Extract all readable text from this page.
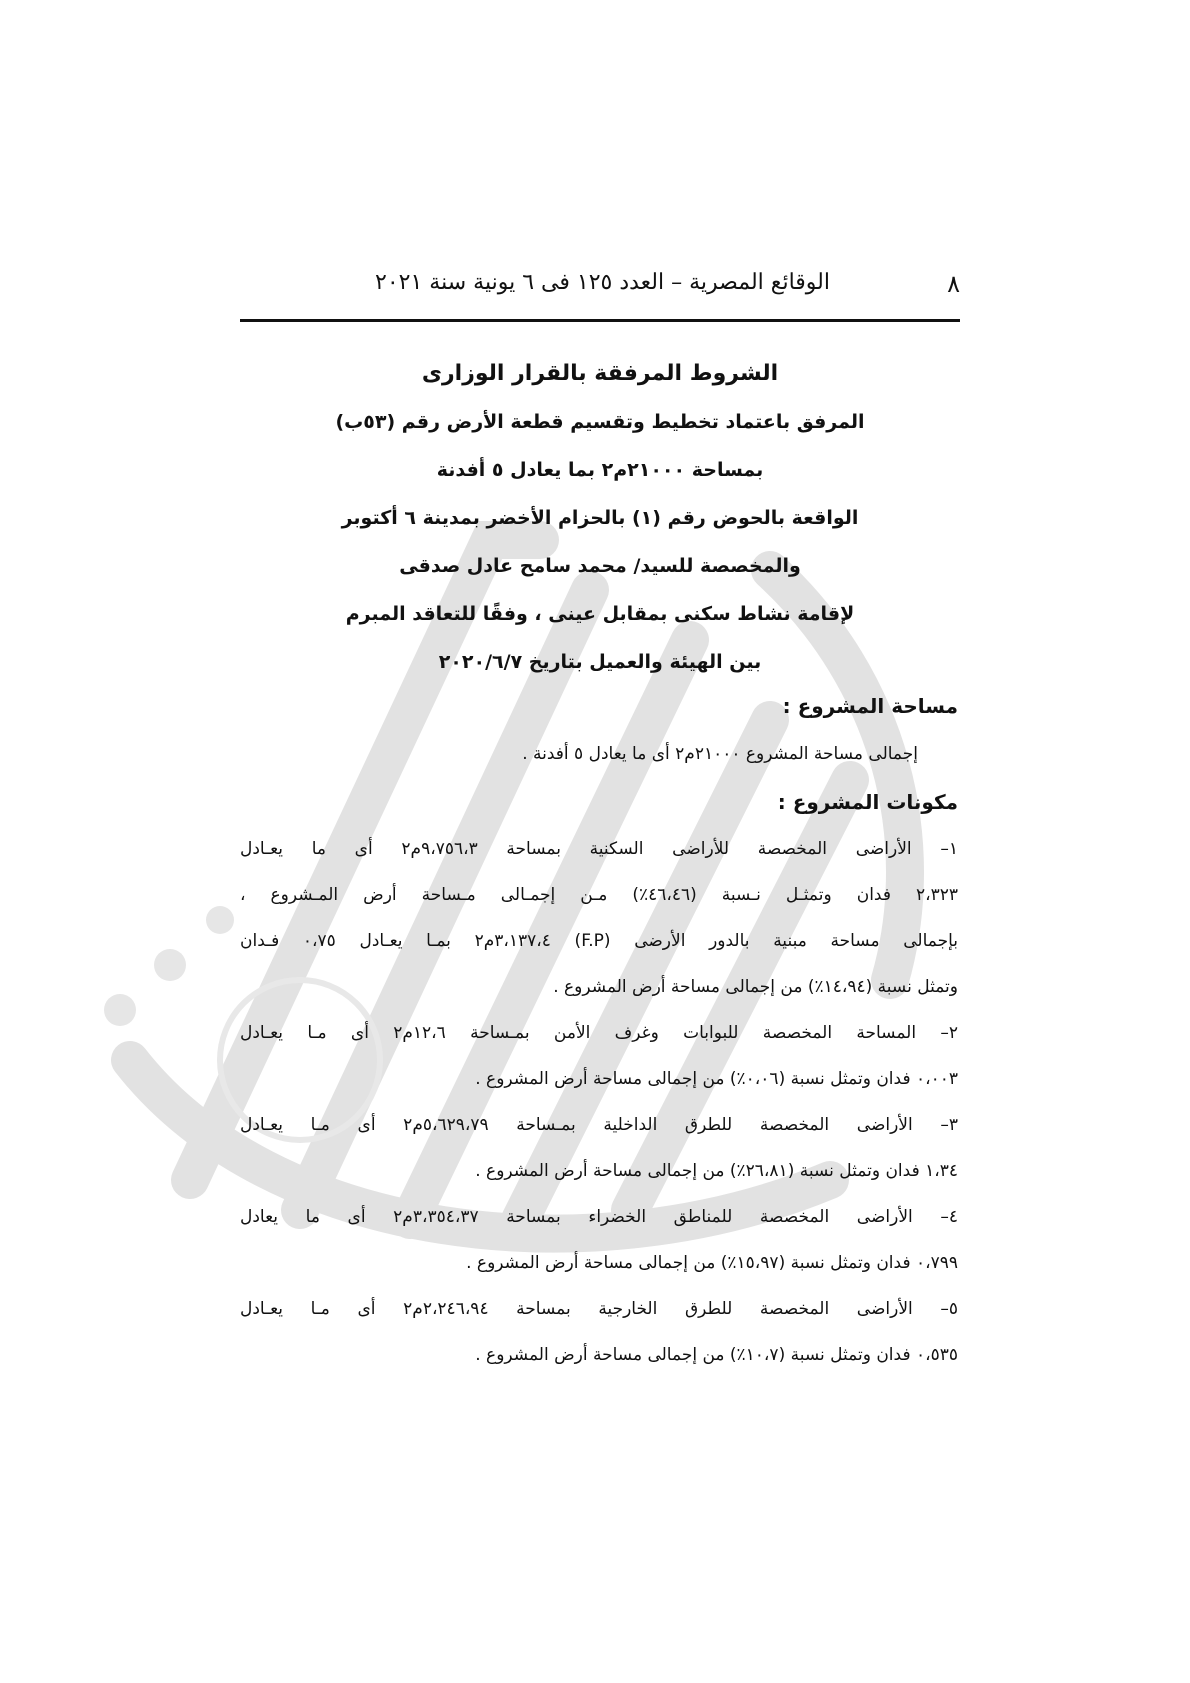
٨
الوقائع المصرية – العدد ١٢٥ فى ٦ يونية سنة ٢٠٢١
الشروط المرفقة بالقرار الوزارى
المرفق باعتماد تخطيط وتقسيم قطعة الأرض رقم (٥٣ب)
بمساحة ٢١٠٠٠م٢ بما يعادل ٥ أفدنة
الواقعة بالحوض رقم (١) بالحزام الأخضر بمدينة ٦ أكتوبر
والمخصصة للسيد/ محمد سامح عادل صدقى
لإقامة نشاط سكنى بمقابل عينى ، وفقًا للتعاقد المبرم
بين الهيئة والعميل بتاريخ ٢٠٢٠/٦/٧
مساحة المشروع :
إجمالى مساحة المشروع ٢١٠٠٠م٢ أى ما يعادل ٥ أفدنة .
مكونات المشروع :
١– الأراضى المخصصة للأراضى السكنية بمساحة ٩،٧٥٦،٣م٢ أى ما يعـادل
٢،٣٢٣ فدان وتمثـل نـسبة (٤٦،٤٦٪) مـن إجمـالى مـساحة أرض المـشروع ،
بإجمالى مساحة مبنية بالدور الأرضى (F.P) ٣،١٣٧،٤م٢ بمـا يعـادل ٠،٧٥ فـدان
وتمثل نسبة (١٤،٩٤٪) من إجمالى مساحة أرض المشروع .
٢– المساحة المخصصة للبوابات وغرف الأمن بمـساحة ١٢،٦م٢ أى مـا يعـادل
٠،٠٠٣ فدان وتمثل نسبة (٠،٠٦٪) من إجمالى مساحة أرض المشروع .
٣– الأراضى المخصصة للطرق الداخلية بمـساحة ٥،٦٢٩،٧٩م٢ أى مـا يعـادل
١،٣٤ فدان وتمثل نسبة (٢٦،٨١٪) من إجمالى مساحة أرض المشروع .
٤– الأراضى المخصصة للمناطق الخضراء بمساحة ٣،٣٥٤،٣٧م٢ أى ما يعادل
٠،٧٩٩ فدان وتمثل نسبة (١٥،٩٧٪) من إجمالى مساحة أرض المشروع .
٥– الأراضى المخصصة للطرق الخارجية بمساحة ٢،٢٤٦،٩٤م٢ أى مـا يعـادل
٠،٥٣٥ فدان وتمثل نسبة (١٠،٧٪) من إجمالى مساحة أرض المشروع .
